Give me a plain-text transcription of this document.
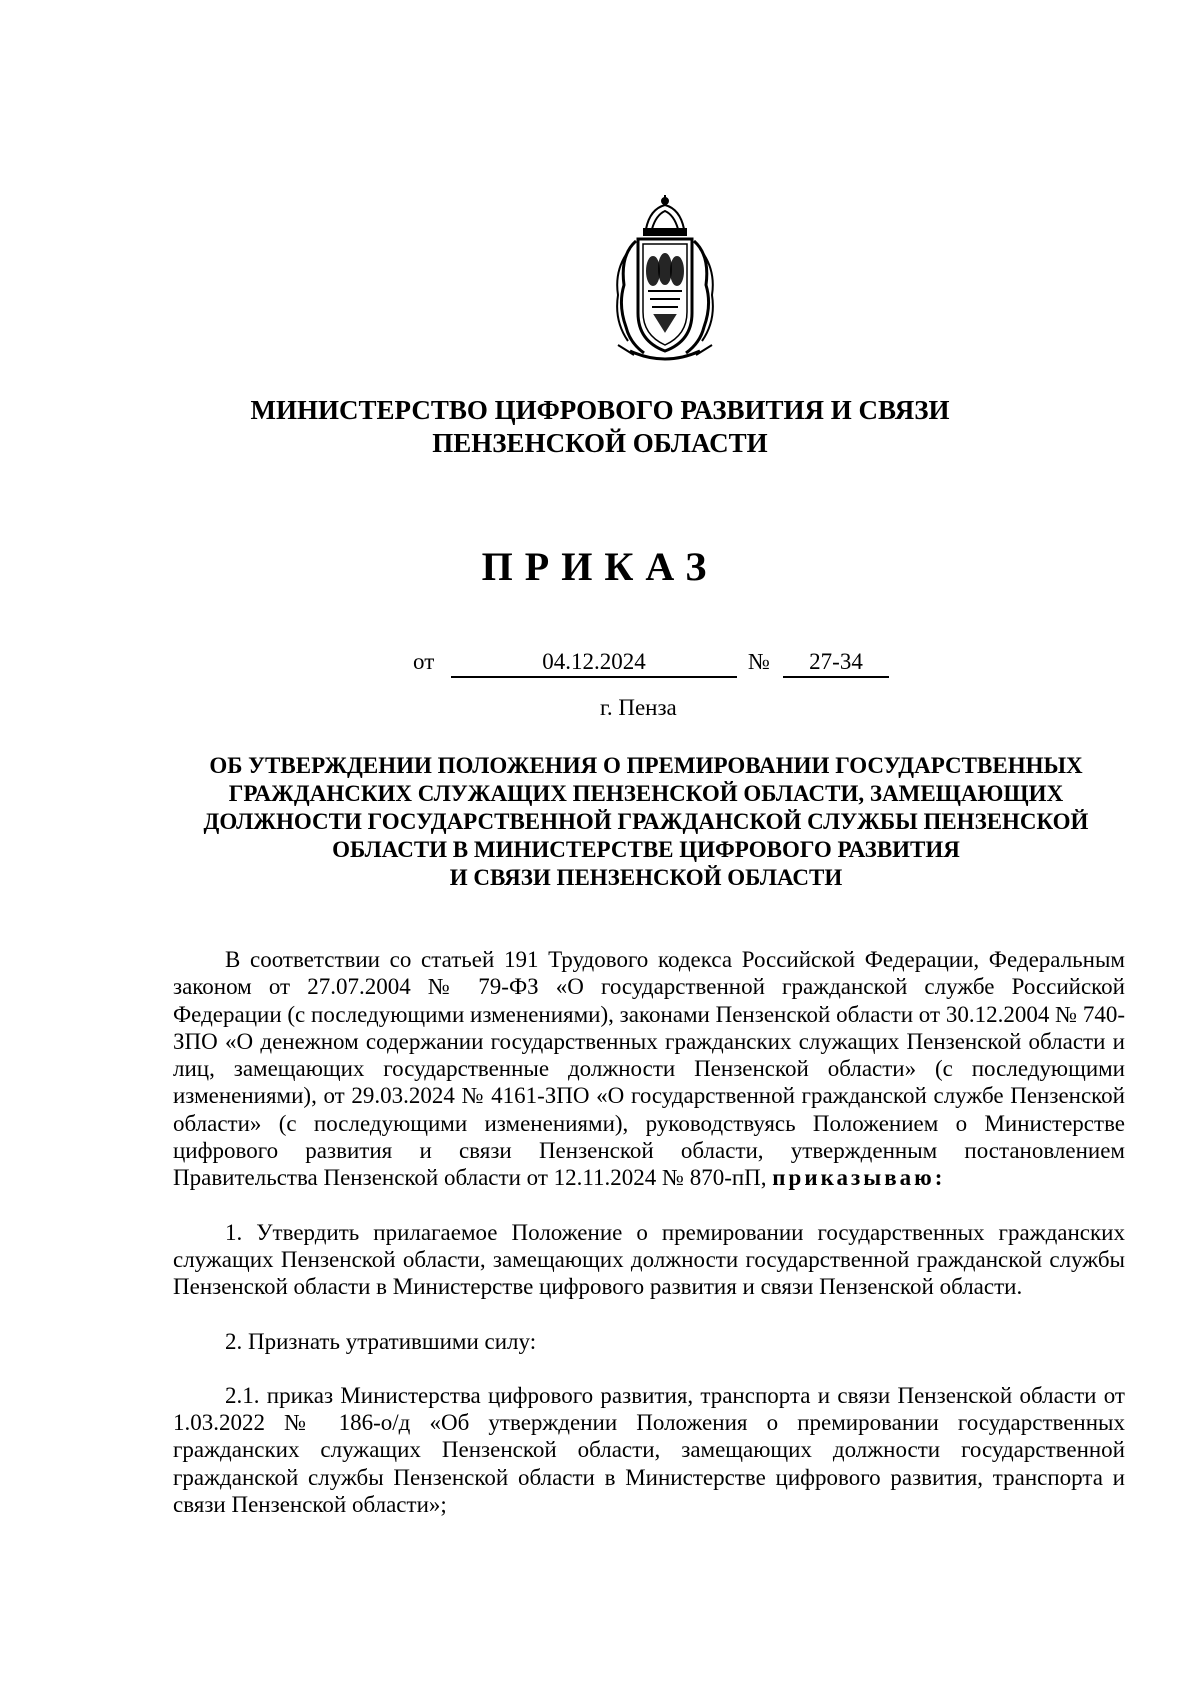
МИНИСТЕРСТВО ЦИФРОВОГО РАЗВИТИЯ И СВЯЗИ
ПЕНЗЕНСКОЙ ОБЛАСТИ
ПРИКАЗ
от	04.12.2024	№	27-34
г. Пенза
ОБ УТВЕРЖДЕНИИ ПОЛОЖЕНИЯ О ПРЕМИРОВАНИИ ГОСУДАРСТВЕННЫХ
ГРАЖДАНСКИХ СЛУЖАЩИХ ПЕНЗЕНСКОЙ ОБЛАСТИ, ЗАМЕЩАЮЩИХ
ДОЛЖНОСТИ ГОСУДАРСТВЕННОЙ ГРАЖДАНСКОЙ СЛУЖБЫ ПЕНЗЕНСКОЙ
ОБЛАСТИ В МИНИСТЕРСТВЕ ЦИФРОВОГО РАЗВИТИЯ
И СВЯЗИ ПЕНЗЕНСКОЙ ОБЛАСТИ

В соответствии со статьей 191 Трудового кодекса Российской Федерации, Федеральным законом от 27.07.2004 № 79-ФЗ «О государственной гражданской службе Российской Федерации (с последующими изменениями), законами Пензенской области от 30.12.2004 № 740-ЗПО «О денежном содержании государственных гражданских служащих Пензенской области и лиц, замещающих государственные должности Пензенской области» (с последующими изменениями), от 29.03.2024 № 4161-ЗПО «О государственной гражданской службе Пензенской области» (с последующими изменениями), руководствуясь Положением о Министерстве цифрового развития и связи Пензенской области, утвержденным постановлением Правительства Пензенской области от 12.11.2024 № 870-пП, приказываю:

1. Утвердить прилагаемое Положение о премировании государственных гражданских служащих Пензенской области, замещающих должности государственной гражданской службы Пензенской области в Министерстве цифрового развития и связи Пензенской области.

2. Признать утратившими силу:

2.1. приказ Министерства цифрового развития, транспорта и связи Пензенской области от 1.03.2022 № 186-о/д «Об утверждении Положения о премировании государственных гражданских служащих Пензенской области, замещающих должности государственной гражданской службы Пензенской области в Министерстве цифрового развития, транспорта и связи Пензенской области»;
